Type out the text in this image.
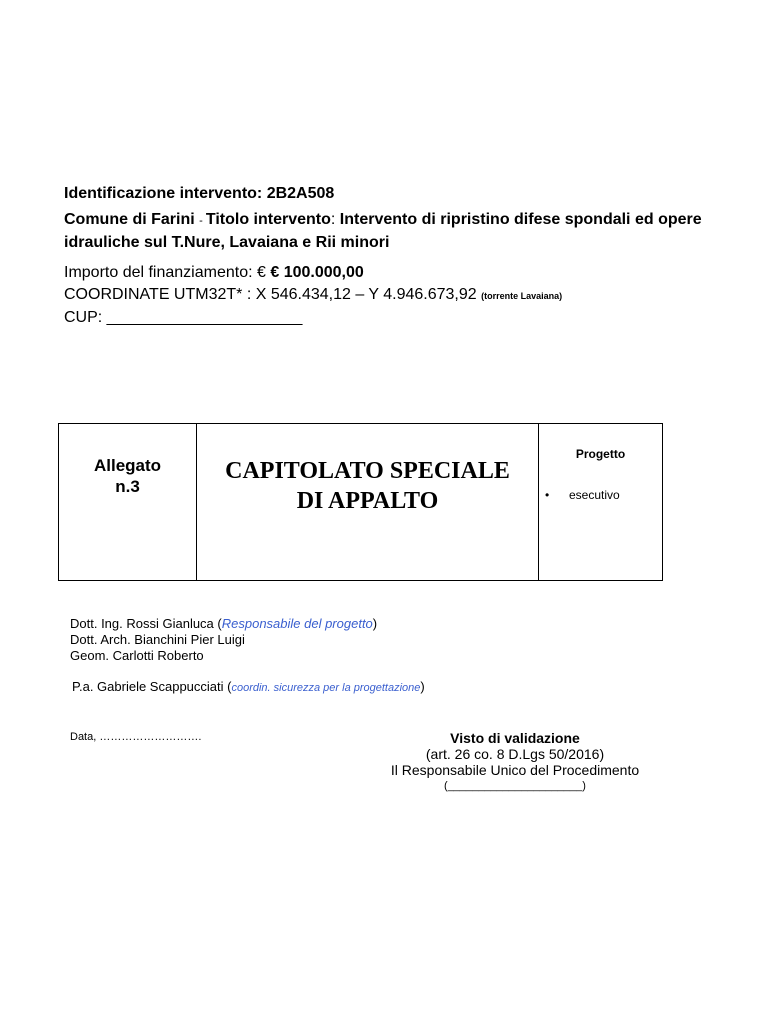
Identificazione intervento: 2B2A508
Comune di Farini - Titolo intervento: Intervento di ripristino difese spondali ed opere idrauliche sul T.Nure, Lavaiana e Rii minori
Importo del finanziamento: € € 100.000,00
COORDINATE UTM32T* : X 546.434,12 – Y 4.946.673,92 (torrente Lavaiana)
CUP: ______________________
Allegato
n.3

CAPITOLATO SPECIALE
DI APPALTO

Progetto
• esecutivo
Dott. Ing. Rossi Gianluca (Responsabile del progetto)
Dott. Arch. Bianchini Pier Luigi
Geom. Carlotti Roberto
P.a. Gabriele Scappucciati (coordin. sicurezza per la progettazione)
Data, ……………………….	Visto di validazione
(art. 26 co. 8 D.Lgs 50/2016)
Il Responsabile Unico del Procedimento
(______________________)
